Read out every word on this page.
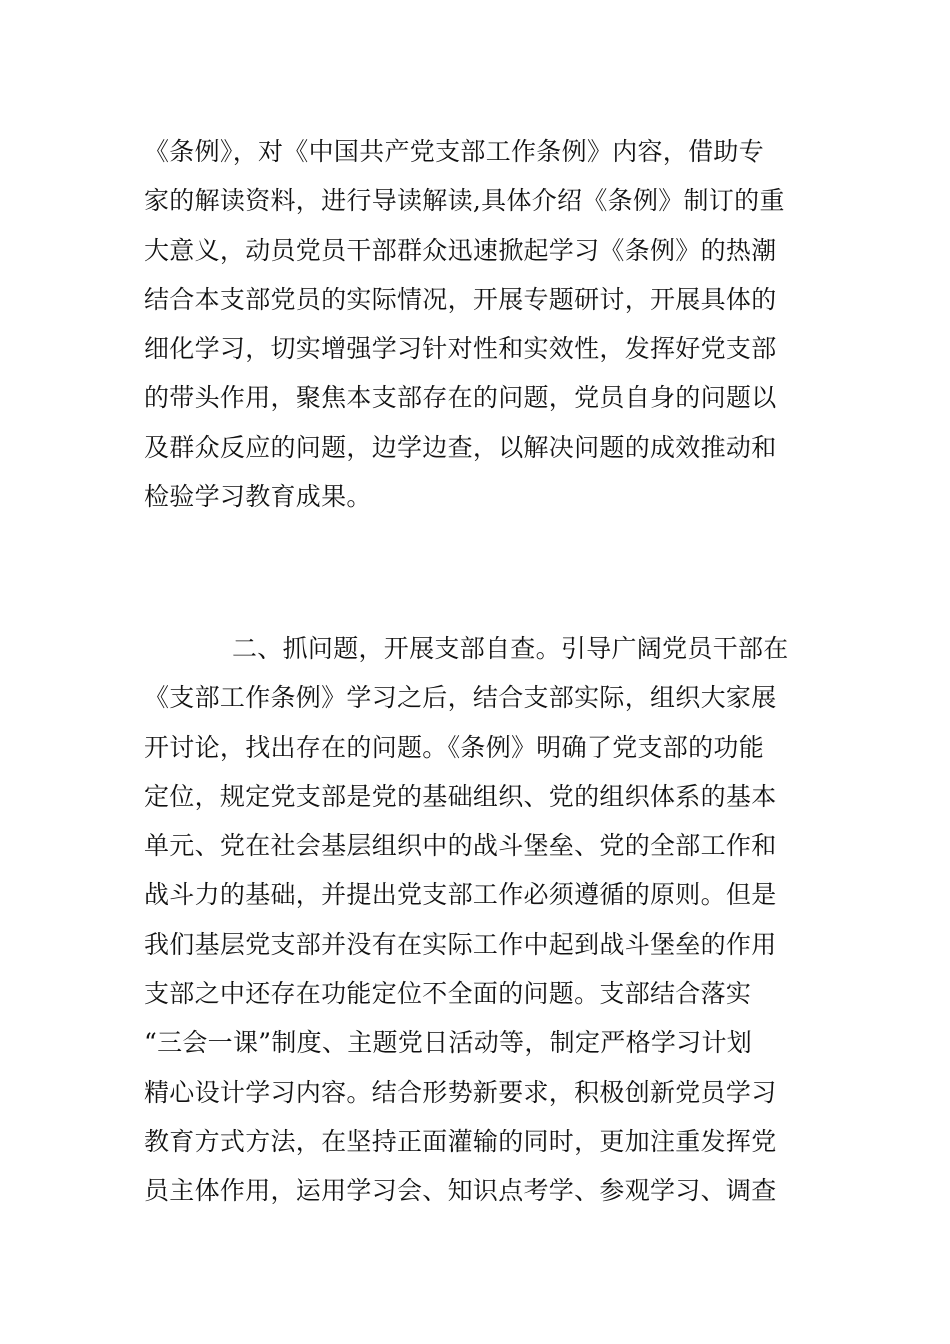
《条例》，对《中国共产党支部工作条例》内容，借助专
家的解读资料，进行导读解读,具体介绍《条例》制订的重
大意义，动员党员干部群众迅速掀起学习《条例》的热潮
结合本支部党员的实际情况，开展专题研讨，开展具体的
细化学习，切实增强学习针对性和实效性，发挥好党支部
的带头作用，聚焦本支部存在的问题，党员自身的问题以
及群众反应的问题，边学边查，以解决问题的成效推动和
检验学习教育成果。
二、抓问题，开展支部自查。引导广阔党员干部在
《支部工作条例》学习之后，结合支部实际，组织大家展
开讨论，找出存在的问题。《条例》明确了党支部的功能
定位，规定党支部是党的基础组织、党的组织体系的基本
单元、党在社会基层组织中的战斗堡垒、党的全部工作和
战斗力的基础，并提出党支部工作必须遵循的原则。但是
我们基层党支部并没有在实际工作中起到战斗堡垒的作用
支部之中还存在功能定位不全面的问题。支部结合落实
“三会一课”制度、主题党日活动等，制定严格学习计划
精心设计学习内容。结合形势新要求，积极创新党员学习
教育方式方法，在坚持正面灌输的同时，更加注重发挥党
员主体作用，运用学习会、知识点考学、参观学习、调查
